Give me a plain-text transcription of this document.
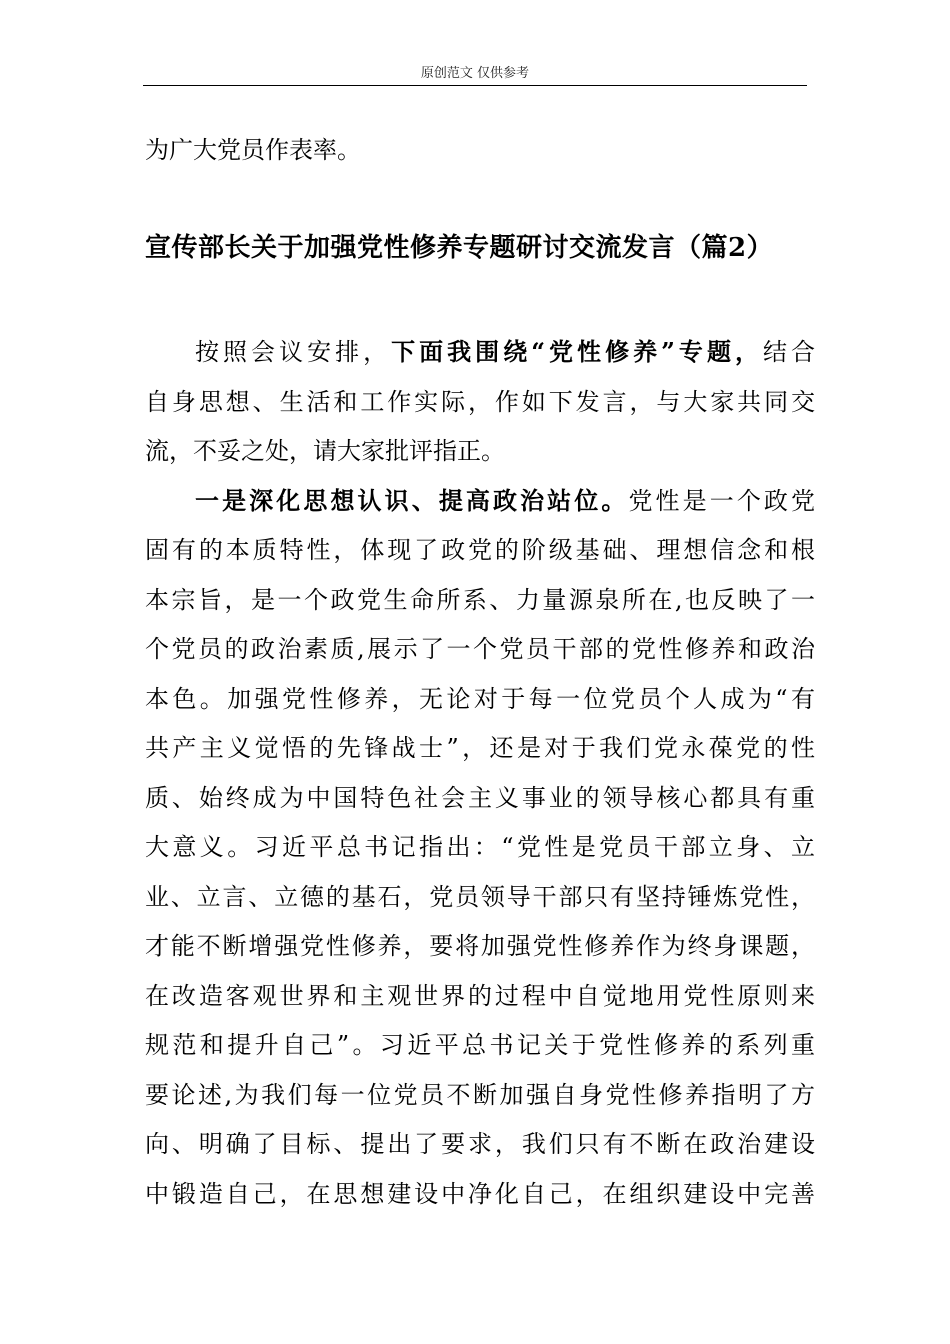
原创范文 仅供参考
为广大党员作表率。
宣传部长关于加强党性修养专题研讨交流发言（篇2）
按照会议安排，下面我围绕“党性修养”专题，结合
自身思想、生活和工作实际，作如下发言，与大家共同交
流，不妥之处，请大家批评指正。
一是深化思想认识、提高政治站位。党性是一个政党
固有的本质特性，体现了政党的阶级基础、理想信念和根
本宗旨，是一个政党生命所系、力量源泉所在,也反映了一
个党员的政治素质,展示了一个党员干部的党性修养和政治
本色。加强党性修养，无论对于每一位党员个人成为“有
共产主义觉悟的先锋战士”，还是对于我们党永葆党的性
质、始终成为中国特色社会主义事业的领导核心都具有重
大意义。习近平总书记指出：“党性是党员干部立身、立
业、立言、立德的基石，党员领导干部只有坚持锤炼党性，
才能不断增强党性修养，要将加强党性修养作为终身课题，
在改造客观世界和主观世界的过程中自觉地用党性原则来
规范和提升自己”。习近平总书记关于党性修养的系列重
要论述,为我们每一位党员不断加强自身党性修养指明了方
向、明确了目标、提出了要求，我们只有不断在政治建设
中锻造自己，在思想建设中净化自己，在组织建设中完善
